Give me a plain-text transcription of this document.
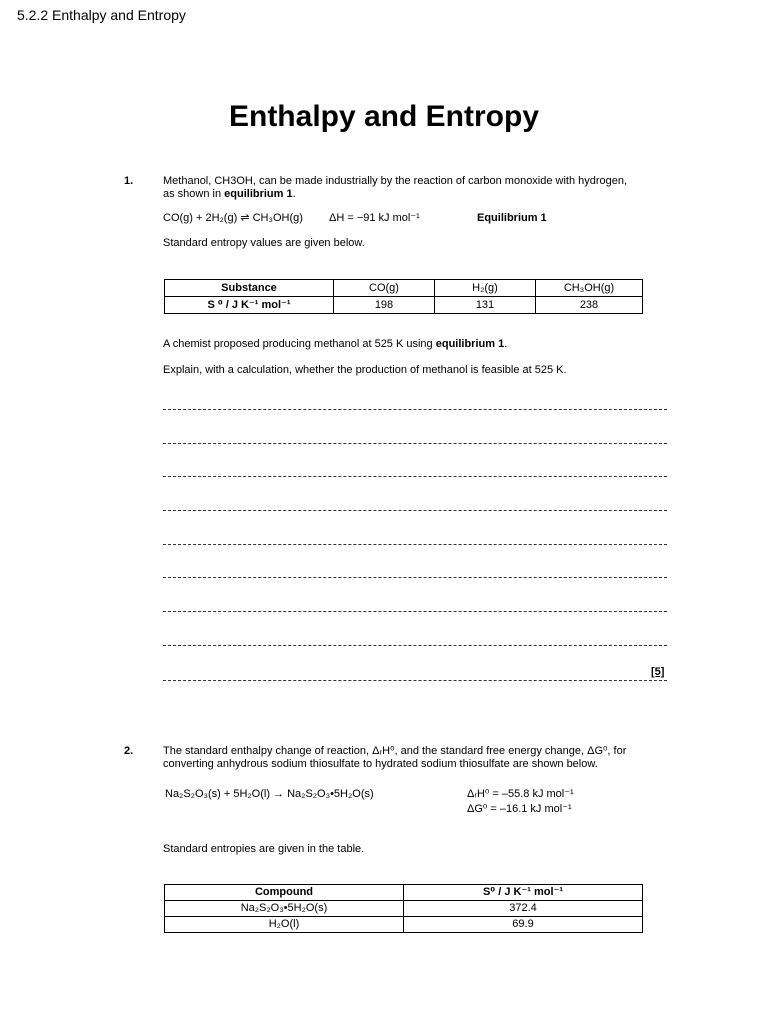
5.2.2 Enthalpy and Entropy
Enthalpy and Entropy
1.	Methanol, CH3OH, can be made industrially by the reaction of carbon monoxide with hydrogen,
as shown in equilibrium 1.
CO(g) + 2H₂(g) ⇌ CH₃OH(g) ΔH = −91 kJ mol⁻¹	Equilibrium 1
Standard entropy values are given below.
Substance	CO(g)	H₂(g)	CH₃OH(g)
S ⁰ / J K⁻¹ mol⁻¹	198	131	238
A chemist proposed producing methanol at 525 K using equilibrium 1.
Explain, with a calculation, whether the production of methanol is feasible at 525 K.
[5]
2.	The standard enthalpy change of reaction, ΔᵣH⁰, and the standard free energy change, ΔG⁰, for
converting anhydrous sodium thiosulfate to hydrated sodium thiosulfate are shown below.
Na₂S₂O₃(s) + 5H₂O(l) → Na₂S₂O₃•5H₂O(s)	ΔᵣH⁰ = –55.8 kJ mol⁻¹
ΔG⁰ = –16.1 kJ mol⁻¹
Standard entropies are given in the table.
Compound	S⁰ / J K⁻¹ mol⁻¹
Na₂S₂O₃•5H₂O(s)	372.4
H₂O(l)	69.9
